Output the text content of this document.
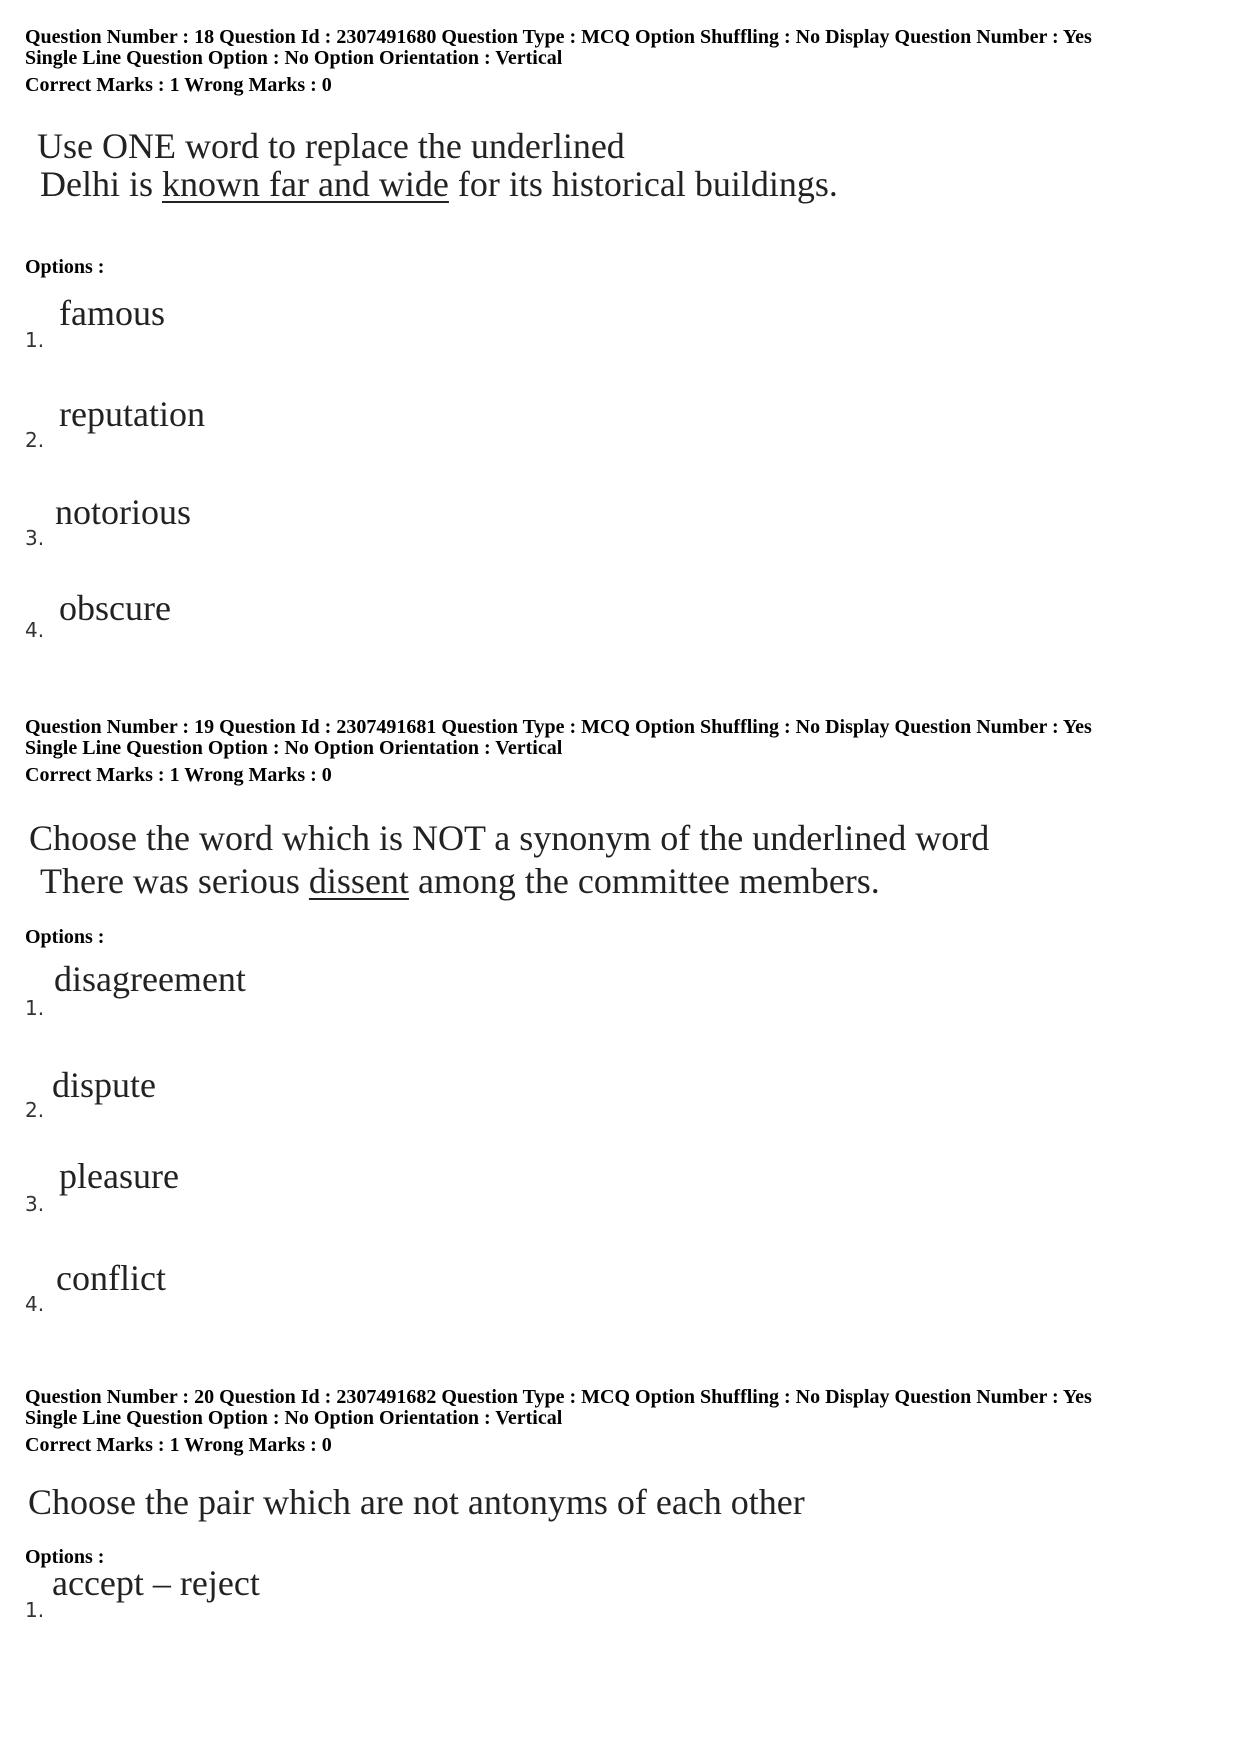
Question Number : 18 Question Id : 2307491680 Question Type : MCQ Option Shuffling : No Display Question Number : Yes

Single Line Question Option : No Option Orientation : Vertical

Correct Marks : 1 Wrong Marks : 0

Use ONE word to replace the underlined

Delhi is known far and wide for its historical buildings.

Options :

1.
famous
2.
reputation
3.
notorious
4.
obscure

Question Number : 19 Question Id : 2307491681 Question Type : MCQ Option Shuffling : No Display Question Number : Yes

Single Line Question Option : No Option Orientation : Vertical

Correct Marks : 1 Wrong Marks : 0

Choose the word which is NOT a synonym of the underlined word

There was serious dissent among the committee members.

Options :

1.
disagreement
2.
dispute
3.
pleasure
4.
conflict

Question Number : 20 Question Id : 2307491682 Question Type : MCQ Option Shuffling : No Display Question Number : Yes

Single Line Question Option : No Option Orientation : Vertical

Correct Marks : 1 Wrong Marks : 0

Choose the pair which are not antonyms of each other

Options :

1.
accept – reject
